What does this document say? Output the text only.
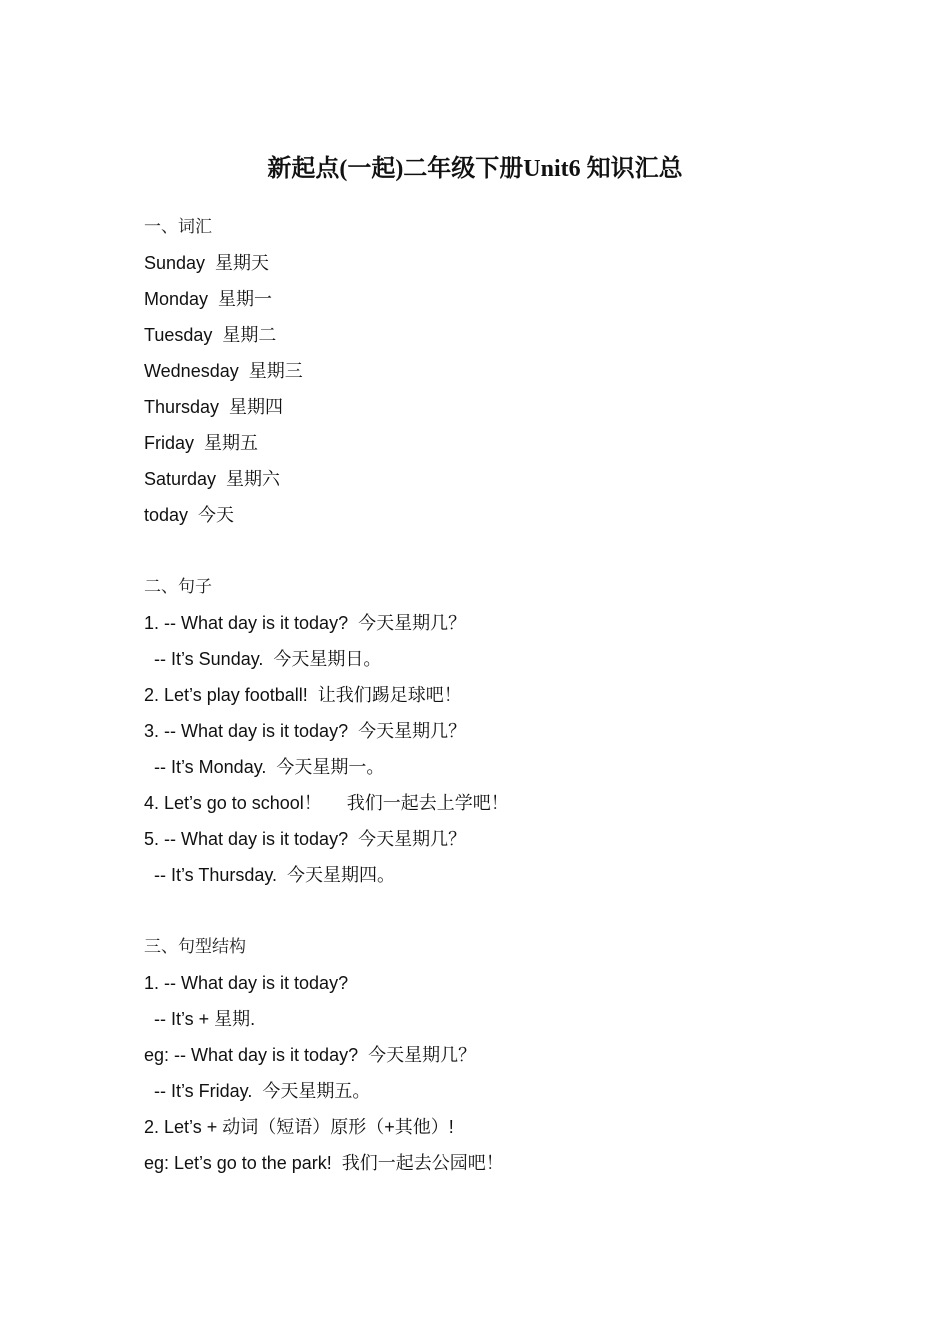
新起点(一起)二年级下册Unit6 知识汇总
一、词汇
Sunday  星期天
Monday  星期一
Tuesday  星期二
Wednesday  星期三
Thursday  星期四
Friday  星期五
Saturday  星期六
today  今天
二、句子
1. -- What day is it today?  今天星期几？
-- It’s Sunday.  今天星期日。
2. Let’s play football!  让我们踢足球吧！
3. -- What day is it today?  今天星期几？
-- It’s Monday.  今天星期一。
4. Let’s go to school！     我们一起去上学吧！
5. -- What day is it today?  今天星期几？
-- It’s Thursday.  今天星期四。
三、句型结构
1. -- What day is it today?
-- It’s + 星期.
eg: -- What day is it today?  今天星期几？
-- It’s Friday.  今天星期五。
2. Let’s + 动词（短语）原形（+其他）!
eg: Let’s go to the park!  我们一起去公园吧！
